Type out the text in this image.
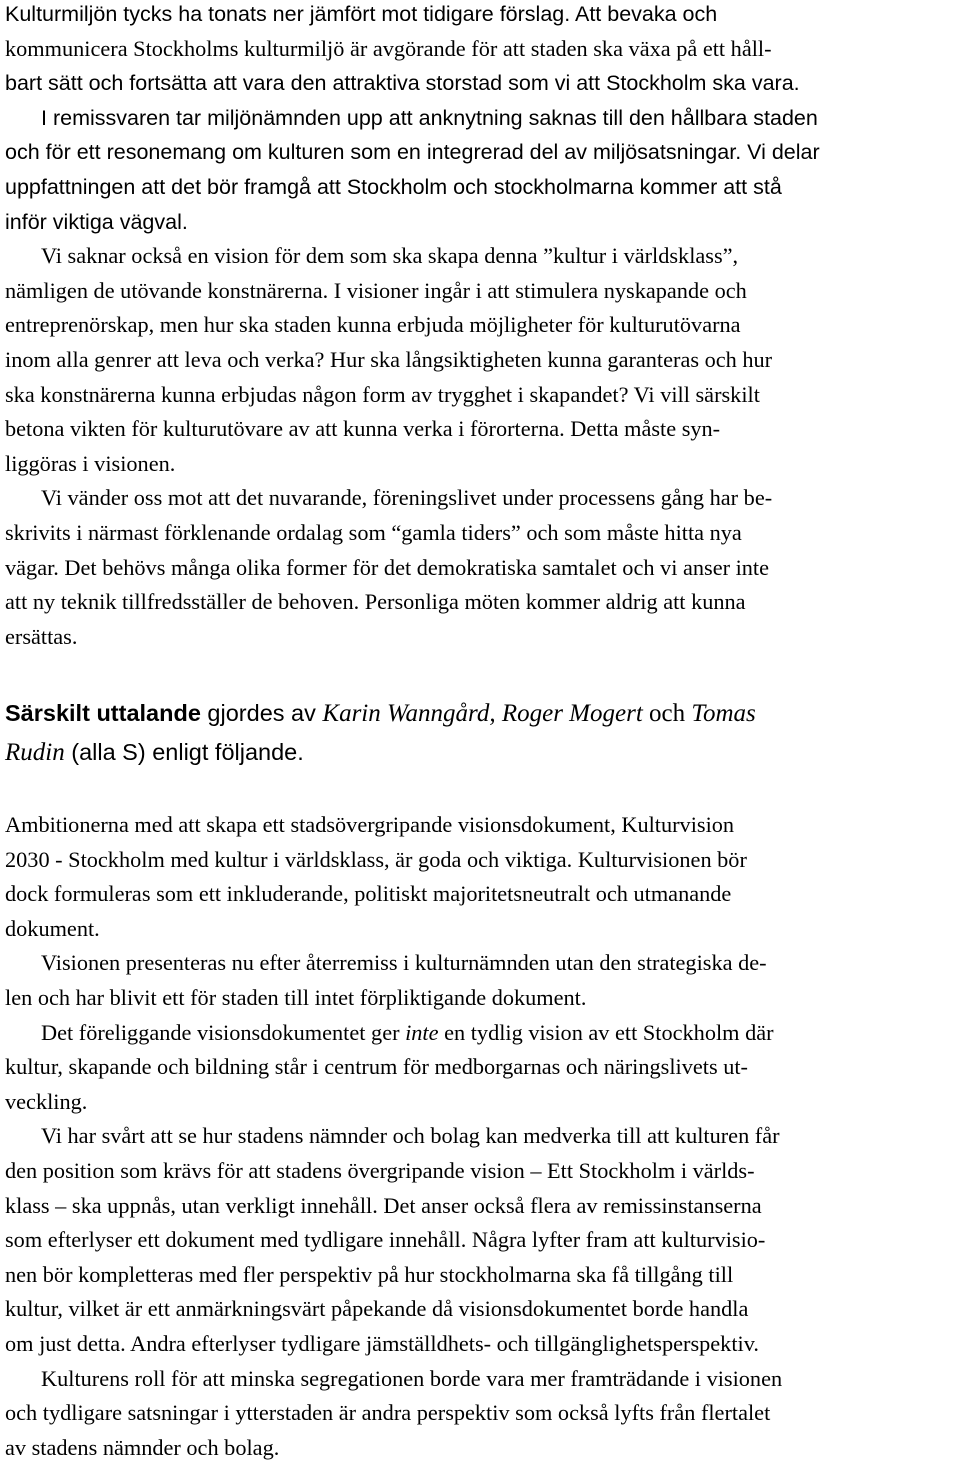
Kulturmiljön tycks ha tonats ner jämfört mot tidigare förslag. Att bevaka och
kommunicera Stockholms kulturmiljö är avgörande för att staden ska växa på ett håll-
bart sätt och fortsätta att vara den attraktiva storstad som vi att Stockholm ska vara.
I remissvaren tar miljönämnden upp att anknytning saknas till den hållbara staden
och för ett resonemang om kulturen som en integrerad del av miljösatsningar. Vi delar
uppfattningen att det bör framgå att Stockholm och stockholmarna kommer att stå
inför viktiga vägval.
Vi saknar också en vision för dem som ska skapa denna ”kultur i världsklass”,
nämligen de utövande konstnärerna. I visioner ingår i att stimulera nyskapande och
entreprenörskap, men hur ska staden kunna erbjuda möjligheter för kulturutövarna
inom alla genrer att leva och verka? Hur ska långsiktigheten kunna garanteras och hur
ska konstnärerna kunna erbjudas någon form av trygghet i skapandet? Vi vill särskilt
betona vikten för kulturutövare av att kunna verka i förorterna. Detta måste syn-
liggöras i visionen.
Vi vänder oss mot att det nuvarande, föreningslivet under processens gång har be-
skrivits i närmast förklenande ordalag som “gamla tiders” och som måste hitta nya
vägar. Det behövs många olika former för det demokratiska samtalet och vi anser inte
att ny teknik tillfredsställer de behoven. Personliga möten kommer aldrig att kunna
ersättas.
Särskilt uttalande gjordes av Karin Wanngård, Roger Mogert och Tomas
Rudin (alla S) enligt följande.
Ambitionerna med att skapa ett stadsövergripande visionsdokument, Kulturvision
2030 - Stockholm med kultur i världsklass, är goda och viktiga. Kulturvisionen bör
dock formuleras som ett inkluderande, politiskt majoritetsneutralt och utmanande
dokument.
Visionen presenteras nu efter återremiss i kulturnämnden utan den strategiska de-
len och har blivit ett för staden till intet förpliktigande dokument.
Det föreliggande visionsdokumentet ger inte en tydlig vision av ett Stockholm där
kultur, skapande och bildning står i centrum för medborgarnas och näringslivets ut-
veckling.
Vi har svårt att se hur stadens nämnder och bolag kan medverka till att kulturen får
den position som krävs för att stadens övergripande vision – Ett Stockholm i världs-
klass – ska uppnås, utan verkligt innehåll. Det anser också flera av remissinstanserna
som efterlyser ett dokument med tydligare innehåll. Några lyfter fram att kulturvisio-
nen bör kompletteras med fler perspektiv på hur stockholmarna ska få tillgång till
kultur, vilket är ett anmärkningsvärt påpekande då visionsdokumentet borde handla
om just detta. Andra efterlyser tydligare jämställdhets- och tillgänglighetsperspektiv.
Kulturens roll för att minska segregationen borde vara mer framträdande i visionen
och tydligare satsningar i ytterstaden är andra perspektiv som också lyfts från flertalet
av stadens nämnder och bolag.
